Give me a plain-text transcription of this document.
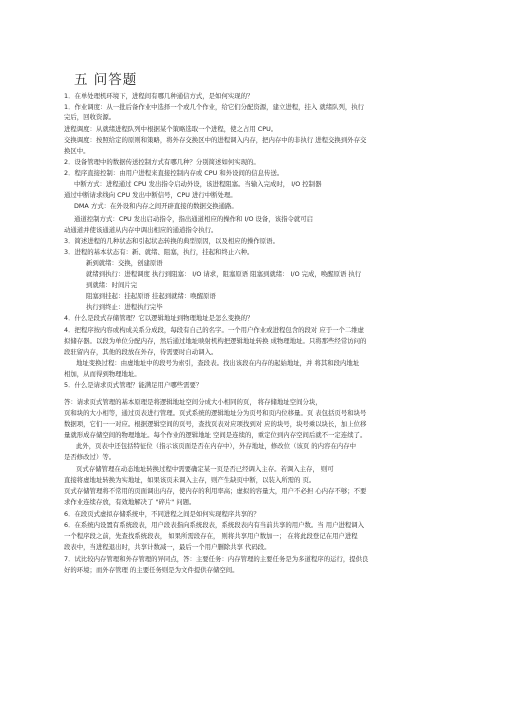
五 问答题
1．在单处理机环境下，进程间有哪几种通信方式，是如何实现的？
1．作业调度：从一批后备作业中选择一个或几个作业，给它们分配资源，建立进程，挂入 就绪队列，执行
完后，回收资源。
进程调度：从就绪进程队列中根据某个策略选取一个进程，使之占用 CPU。
交换调度：按照给定的原则和策略，将外存交换区中的进程调入内存，把内存中的非执行 进程交换到外存交
换区中。
2．设备管理中的数据传送控制方式有哪几种？分别简述如何实现的。
2．程序直接控制：由用户进程来直接控制内存或 CPU 和外设间的信息传送。
中断方式：进程通过 CPU 发出指令启动外设，该进程阻塞。当输入完成时， I/O 控制器
通过中断请求线向 CPU 发出中断信号，CPU 进行中断处理。
DMA 方式：在外设和内存之间开辟直接的数据交换通路。
通道控制方式：CPU 发出启动指令，指出通道相应的操作和 I/O 设备，该指令就可启
动通道并使该通道从内存中调出相应的通道指令执行。
3．简述进程的几种状态和引起状态转换的典型原因，以及相应的操作原语。
3．进程的基本状态有：新、就绪、阻塞，执行，挂起和终止六种。
新到就绪：交换，创建原语
就绪到执行：进程调度 执行到阻塞： I/O 请求，阻塞原语 阻塞到就绪： I/O 完成，唤醒原语 执行
到就绪：时间片完
阻塞到挂起：挂起原语 挂起到就绪：唤醒原语
执行到终止：进程执行完毕
4．什么是段式存储管理？它以逻辑地址到物理地址是怎么变换的？
4．把程序按内容或构成关系分成段，每段有自己的名字。一个用户作业或进程包含的段对 应于一个二维虚
拟储存器。以段为单位分配内存，然后通过地址映射机构把逻辑地址转换 成物理地址。只将那些经常访问的
段驻留内存，其他的段放在外存，待需要时自动调入。
地址变换过程：由虚地址中的段号为索引，查段表。找出该段在内存的起始地址，并 将其和段内地址
相加，从而得到物理地址。
5．什么是请求页式管理？能满足用户哪些需要？
答：请求页式管理的基本原理是将逻辑地址空间分成大小相同的页， 将存储地址空间分块，
页和块的大小相等，通过页表进行管理。页式系统的逻辑地址分为页号和页内位移量。页 表包括页号和块号
数据项，它们一一对应。根据逻辑空间的页号，查找页表对应项找到对 应的块号，块号乘以块长，加上位移
量就形成存储空间的物理地址。每个作业的逻辑地址 空间是连续的，重定位到内存空间后就不一定连续了。
此外，页表中还包括特征位（指示该页面是否在内存中），外存地址，修改位（该页 的内容在内存中
是否修改过）等。
页式存储管理在动态地址转换过程中需要确定某一页是否已经调入主存。若调入主存， 则可
直接将虚地址转换为实地址，如果该页未调入主存，则产生缺页中断，以装入所需的 页。
页式存储管理将不常用的页面调出内存，使内存的利用率高；虚拟的容量大，用户不必担 心内存不够；不要
求作业连续存放，有效地解决了 "碎片" 问题。
6．在段页式虚拟存储系统中，不同进程之间是如何实现程序共享的？
6．在系统内设置有系统段表，用户段表指向系统段表，系统段表内有当前共享的用户数。当 用户进程调入
一个程序段之前，先查找系统段表， 如果所需段存在， 则将共享用户数加一； 在将此段登记在用户进程
段表中，当进程退出时，共享计数减一，最后一个用户删除共享 代码段。
7．试比较内存管理和外存管理的异同点，答：主要任务：内存管理的主要任务是为多道程序的运行，提供良
好的环境；而外存管理 的主要任务则是为文件提供存储空间。
